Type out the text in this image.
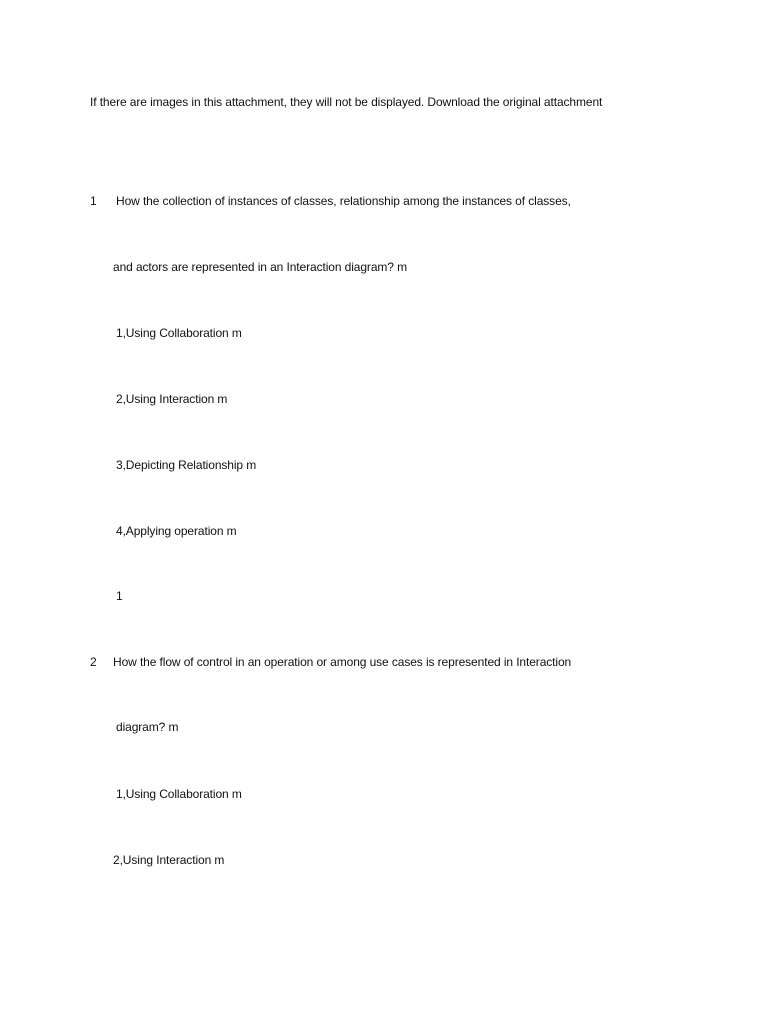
If there are images in this attachment, they will not be displayed. Download the original attachment
1 How the collection of instances of classes, relationship among the instances of classes,
and actors are represented in an Interaction diagram? m
1,Using Collaboration m
2,Using Interaction m
3,Depicting Relationship m
4,Applying operation m
1
2 How the flow of control in an operation or among use cases is represented in Interaction
diagram? m
1,Using Collaboration m
2,Using Interaction m
